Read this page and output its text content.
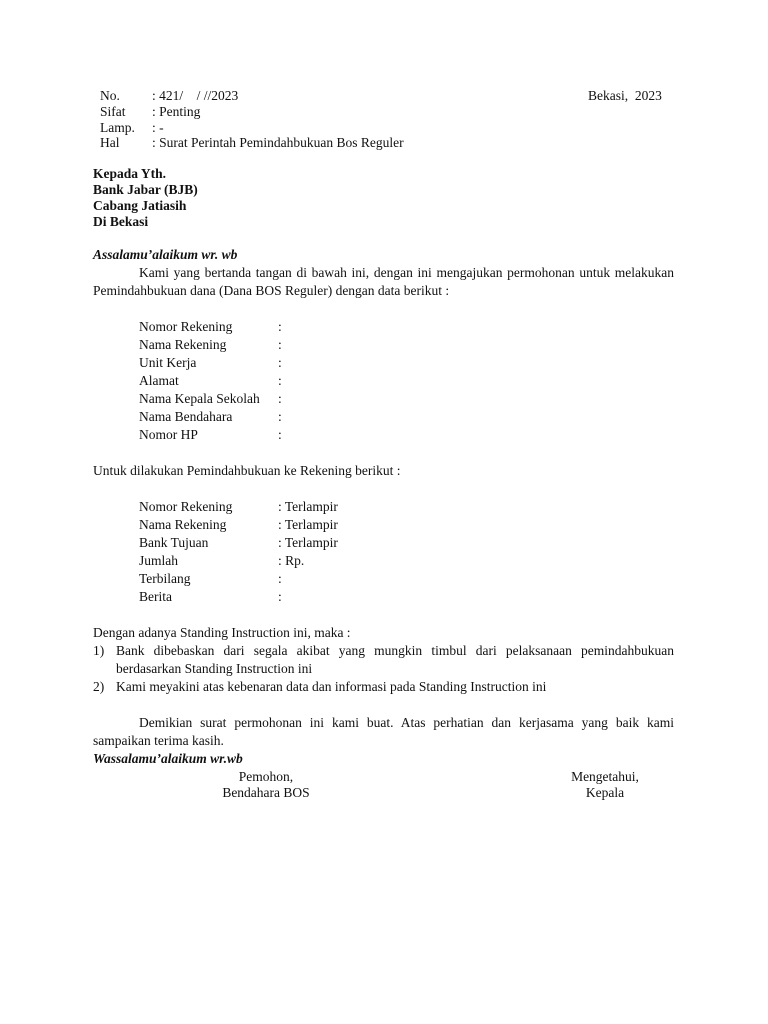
No. : 421/    / //2023
Sifat : Penting
Lamp. : -
Hal : Surat Perintah Pemindahbukuan Bos Reguler
Bekasi,  2023
Kepada Yth.
Bank Jabar (BJB)
Cabang Jatiasih
Di Bekasi
Assalamu’alaikum wr. wb
Kami yang bertanda tangan di bawah ini, dengan ini mengajukan permohonan untuk melakukan Pemindahbukuan dana (Dana BOS Reguler) dengan data berikut :
Nomor Rekening	:
Nama Rekening	:
Unit Kerja	:
Alamat	:
Nama Kepala Sekolah :
Nama Bendahara	:
Nomor HP	:
Untuk dilakukan Pemindahbukuan ke Rekening berikut :
Nomor Rekening	: Terlampir
Nama Rekening	: Terlampir
Bank Tujuan	: Terlampir
Jumlah	: Rp.
Terbilang	:
Berita	:
Dengan adanya Standing Instruction ini, maka :
1) Bank dibebaskan dari segala akibat yang mungkin timbul dari pelaksanaan pemindahbukuan berdasarkan Standing Instruction ini
2) Kami meyakini atas kebenaran data dan informasi pada Standing Instruction ini
Demikian surat permohonan ini kami buat. Atas perhatian dan kerjasama yang baik kami sampaikan terima kasih.
Wassalamu’alaikum wr.wb
Pemohon,
Bendahara BOS
Mengetahui,
Kepala
